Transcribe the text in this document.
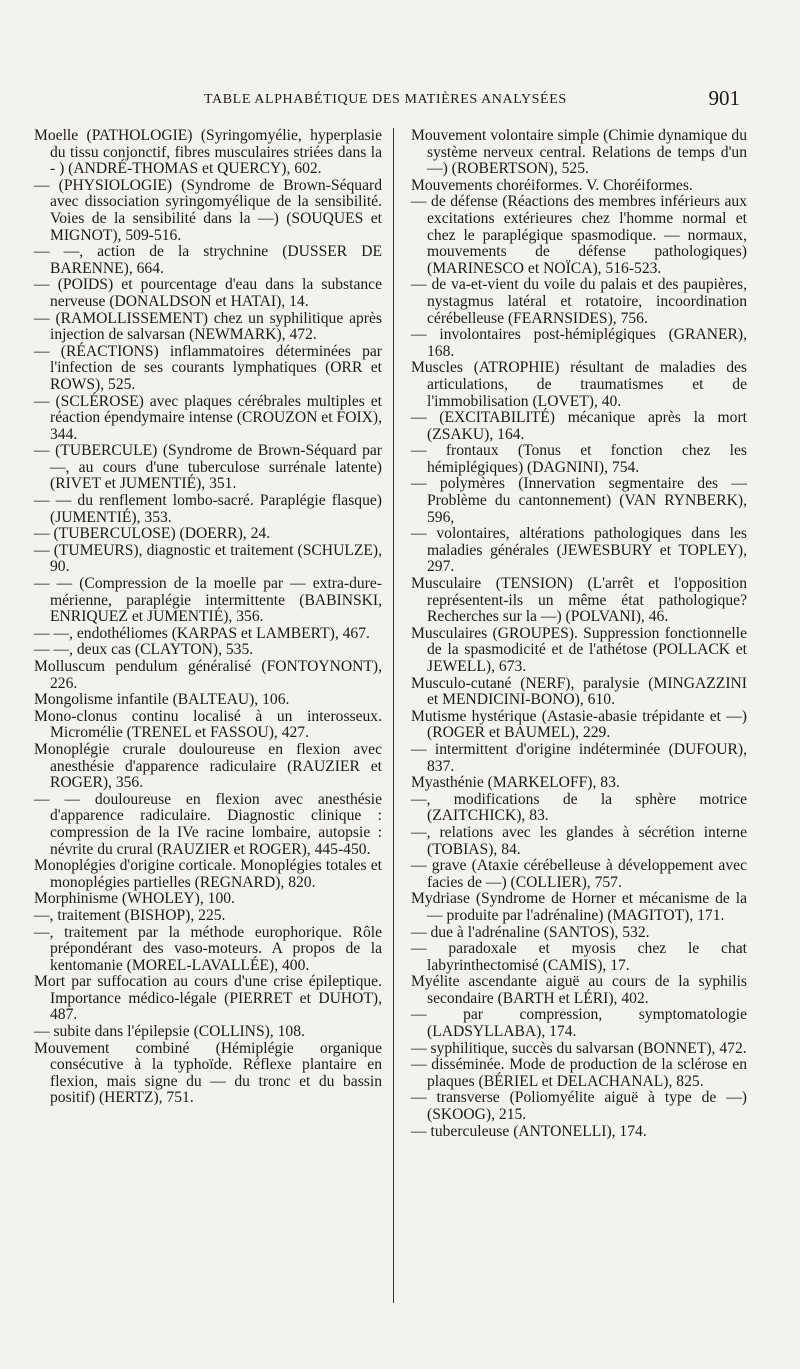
TABLE ALPHABÉTIQUE DES MATIÈRES ANALYSÉES	901

Moelle (PATHOLOGIE) (Syringomyélie, hyperplasie du tissu conjonctif, fibres musculaires striées dans la - ) (ANDRÉ-THOMAS et QUERCY), 602.

— (PHYSIOLOGIE) (Syndrome de Brown-Séquard avec dissociation syringomyélique de la sensibilité. Voies de la sensibilité dans la —) (SOUQUES et MIGNOT), 509-516.

— —, action de la strychnine (DUSSER DE BARENNE), 664.

— (POIDS) et pourcentage d'eau dans la substance nerveuse (DONALDSON et HATAI), 14.

— (RAMOLLISSEMENT) chez un syphilitique après injection de salvarsan (NEWMARK), 472.

— (RÉACTIONS) inflammatoires déterminées par l'infection de ses courants lymphatiques (ORR et ROWS), 525.

— (SCLÉROSE) avec plaques cérébrales multiples et réaction épendymaire intense (CROUZON et FOIX), 344.

— (TUBERCULE) (Syndrome de Brown-Séquard par —, au cours d'une tuberculose surrénale latente) (RIVET et JUMENTIÉ), 351.

— — du renflement lombo-sacré. Paraplégie flasque) (JUMENTIÉ), 353.

— (TUBERCULOSE) (DOERR), 24.

— (TUMEURS), diagnostic et traitement (SCHULZE), 90.

— — (Compression de la moelle par — extra-dure-mérienne, paraplégie intermittente (BABINSKI, ENRIQUEZ et JUMENTIÉ), 356.

— —, endothéliomes (KARPAS et LAMBERT), 467.

— —, deux cas (CLAYTON), 535.

Molluscum pendulum généralisé (FONTOYNONT), 226.

Mongolisme infantile (BALTEAU), 106.

Mono-clonus continu localisé à un interosseux. Micromélie (TRENEL et FASSOU), 427.

Monoplégie crurale douloureuse en flexion avec anesthésie d'apparence radiculaire (RAUZIER et ROGER), 356.

— — douloureuse en flexion avec anesthésie d'apparence radiculaire. Diagnostic clinique : compression de la IVe racine lombaire, autopsie : névrite du crural (RAUZIER et ROGER), 445-450.

Monoplégies d'origine corticale. Monoplégies totales et monoplégies partielles (REGNARD), 820.

Morphinisme (WHOLEY), 100.

—, traitement (BISHOP), 225.

—, traitement par la méthode europhorique. Rôle prépondérant des vaso-moteurs. A propos de la kentomanie (MOREL-LAVALLÉE), 400.

Mort par suffocation au cours d'une crise épileptique. Importance médico-légale (PIERRET et DUHOT), 487.

— subite dans l'épilepsie (COLLINS), 108.

Mouvement combiné (Hémiplégie organique consécutive à la typhoïde. Réflexe plantaire en flexion, mais signe du — du tronc et du bassin positif) (HERTZ), 751.

Mouvement volontaire simple (Chimie dynamique du système nerveux central. Relations de temps d'un —) (ROBERTSON), 525.

Mouvements choréiformes. V. Choréiformes.

— de défense (Réactions des membres inférieurs aux excitations extérieures chez l'homme normal et chez le paraplégique spasmodique. — normaux, mouvements de défense pathologiques) (MARINESCO et NOÏCA), 516-523.

— de va-et-vient du voile du palais et des paupières, nystagmus latéral et rotatoire, incoordination cérébelleuse (FEARNSIDES), 756.

— involontaires post-hémiplégiques (GRANER), 168.

Muscles (ATROPHIE) résultant de maladies des articulations, de traumatismes et de l'immobilisation (LOVET), 40.

— (EXCITABILITÉ) mécanique après la mort (ZSAKU), 164.

— frontaux (Tonus et fonction chez les hémiplégiques) (DAGNINI), 754.

— polymères (Innervation segmentaire des — Problème du cantonnement) (VAN RYNBERK), 596,

— volontaires, altérations pathologiques dans les maladies générales (JEWESBURY et TOPLEY), 297.

Musculaire (TENSION) (L'arrêt et l'opposition représentent-ils un même état pathologique? Recherches sur la —) (POLVANI), 46.

Musculaires (GROUPES). Suppression fonctionnelle de la spasmodicité et de l'athétose (POLLACK et JEWELL), 673.

Musculo-cutané (NERF), paralysie (MINGAZZINI et MENDICINI-BONO), 610.

Mutisme hystérique (Astasie-abasie trépidante et —) (ROGER et BAUMEL), 229.

— intermittent d'origine indéterminée (DUFOUR), 837.

Myasthénie (MARKELOFF), 83.

—, modifications de la sphère motrice (ZAITCHICK), 83.

—, relations avec les glandes à sécrétion interne (TOBIAS), 84.

— grave (Ataxie cérébelleuse à développement avec facies de —) (COLLIER), 757.

Mydriase (Syndrome de Horner et mécanisme de la — produite par l'adrénaline) (MAGITOT), 171.

— due à l'adrénaline (SANTOS), 532.

— paradoxale et myosis chez le chat labyrinthectomisé (CAMIS), 17.

Myélite ascendante aiguë au cours de la syphilis secondaire (BARTH et LÉRI), 402.

— par compression, symptomatologie (LADSYLLABA), 174.

— syphilitique, succès du salvarsan (BONNET), 472.

— disséminée. Mode de production de la sclérose en plaques (BÉRIEL et DELACHANAL), 825.

— transverse (Poliomyélite aiguë à type de —) (SKOOG), 215.

— tuberculeuse (ANTONELLI), 174.
